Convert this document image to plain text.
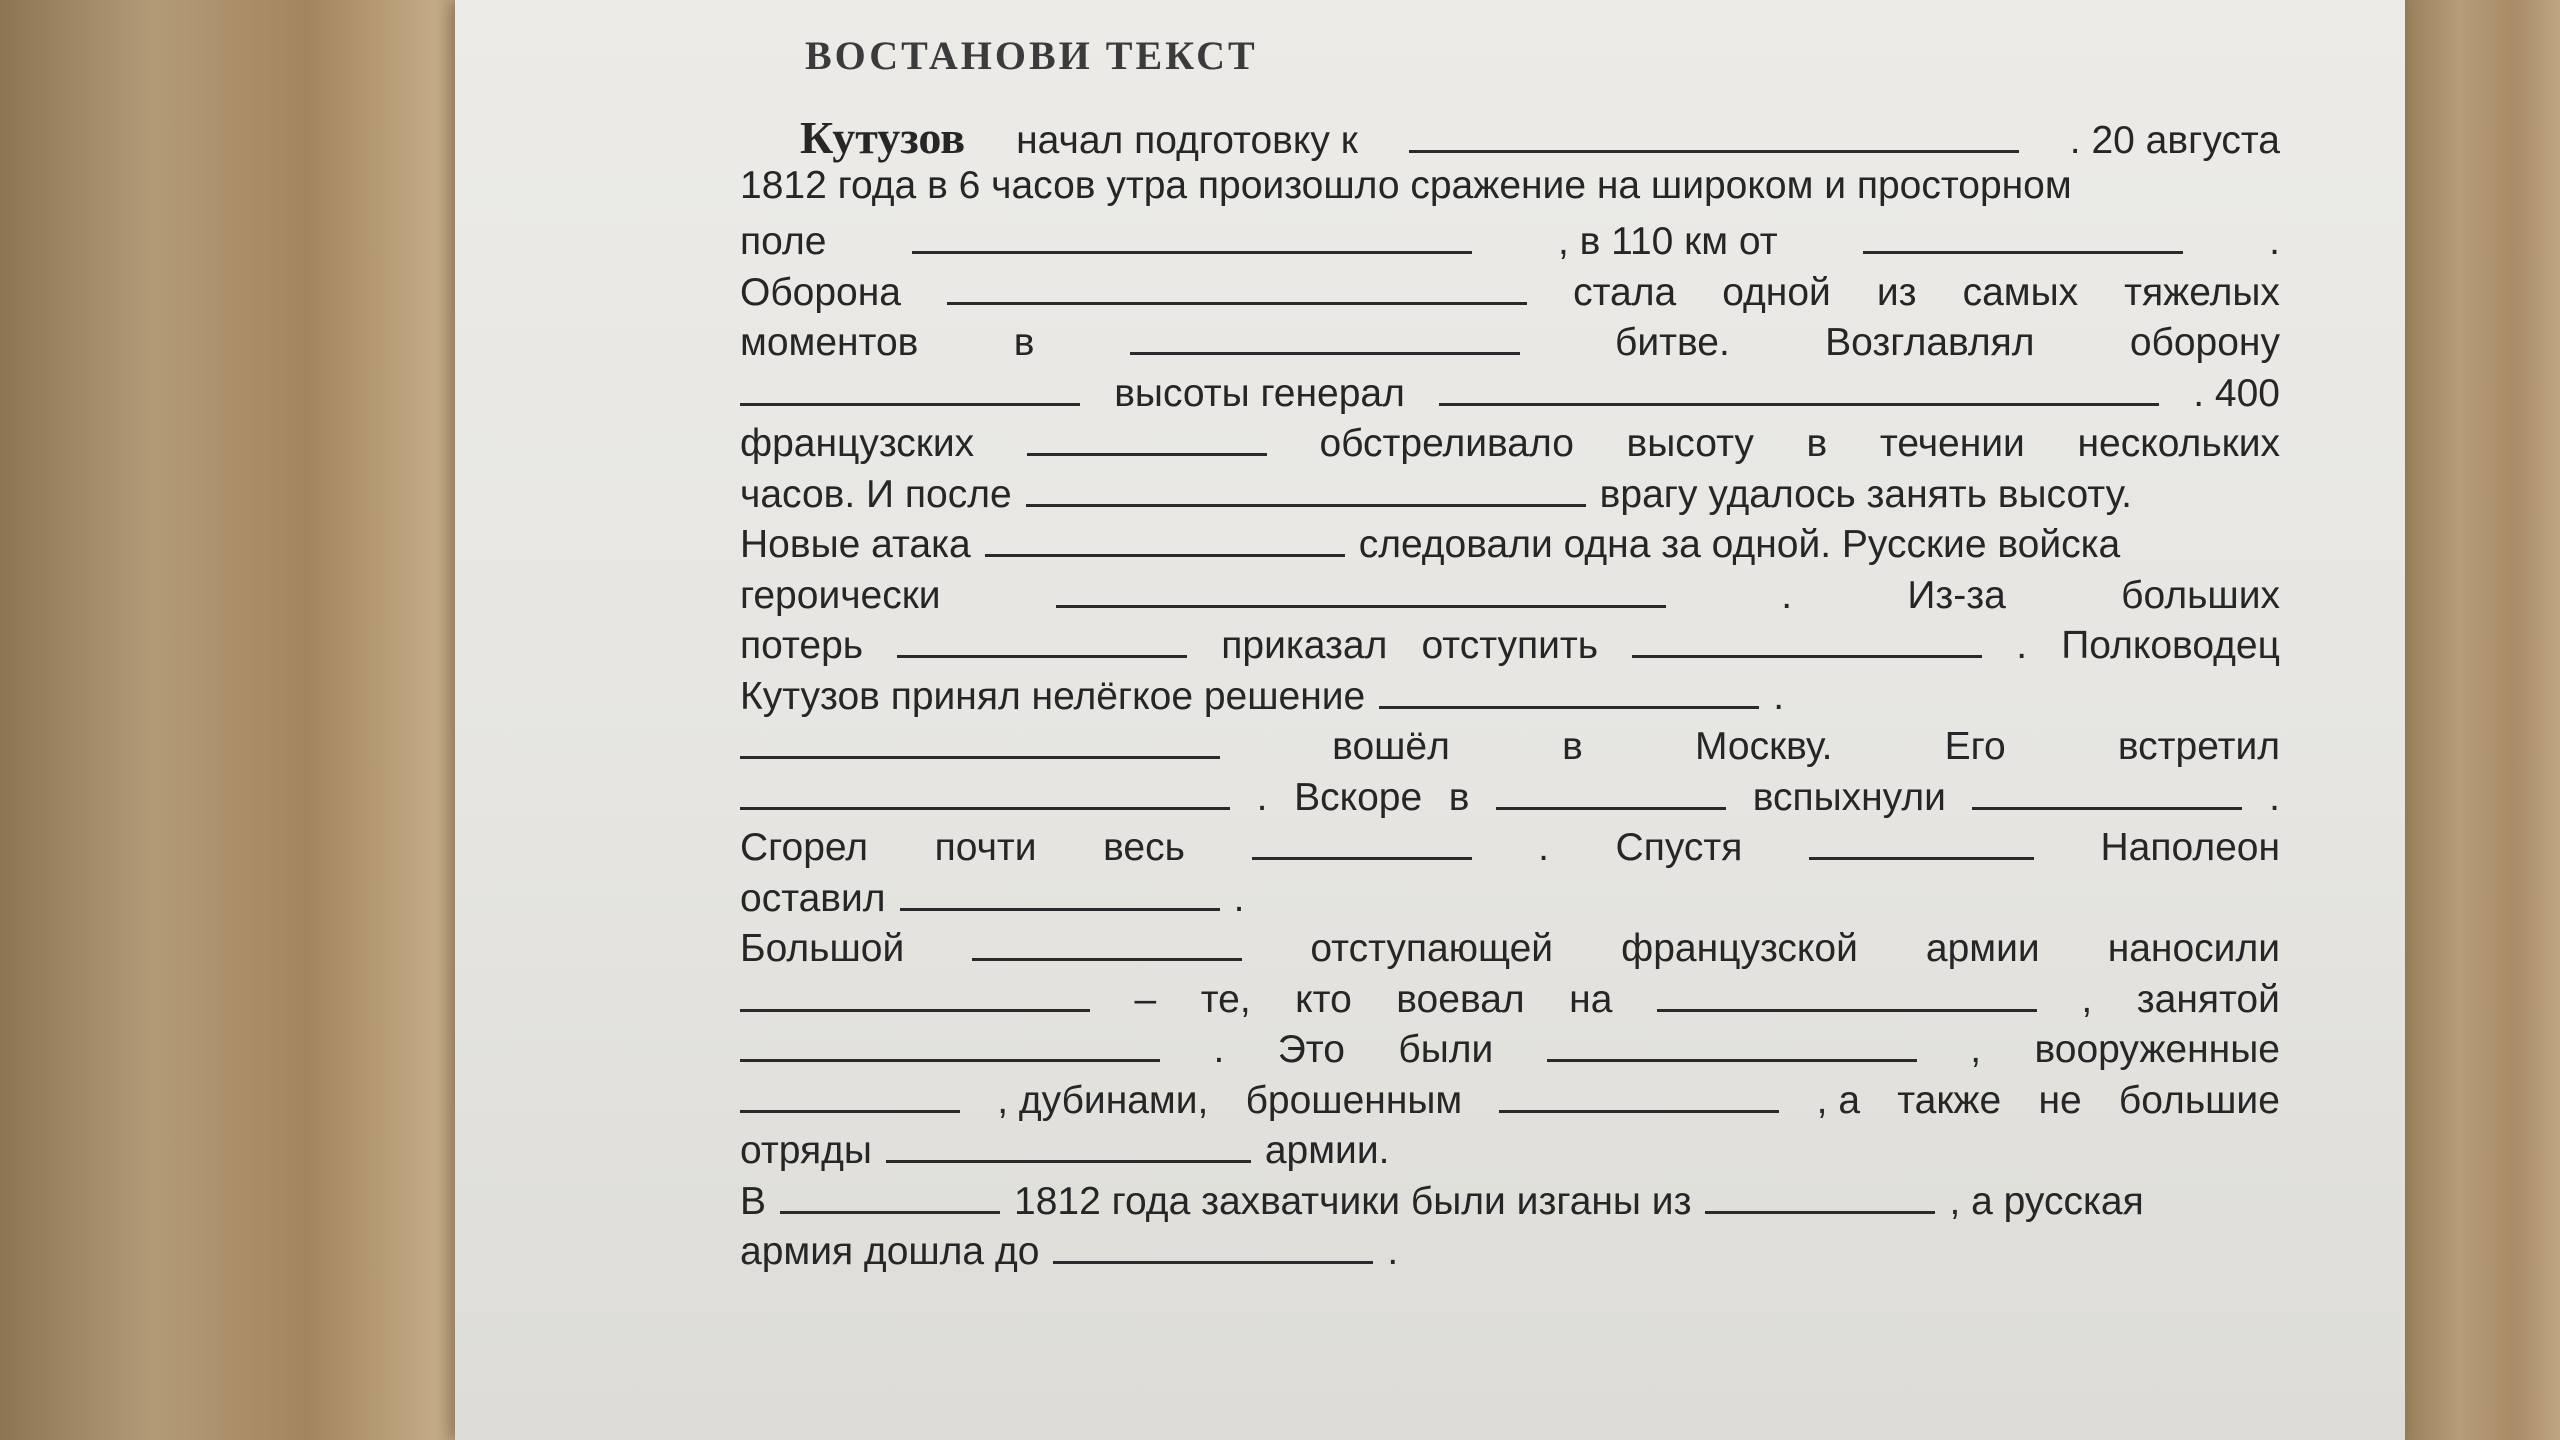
ВОСТАНОВИ ТЕКСТ
Кутузов начал подготовку к	. 20 августа
1812 года в 6 часов утра произошло сражение на широком и просторном
поле	, в 110 км от	.
Оборона	стала одной из самых тяжелых
моментов в	битве. Возглавлял оборону
высоты генерал	. 400
французских	обстреливало высоту в течении нескольких
часов. И после	врагу удалось занять высоту.
Новые атака	следовали одна за одной. Русские войска
героически	.	Из-за	больших
потерь	приказал отступить	. Полководец
Кутузов принял нелёгкое решение	.
вошёл	в	Москву.	Его	встретил
. Вскоре в	вспыхнули	.
Сгорел почти весь	. Спустя	Наполеон
оставил	.
Большой	отступающей французской армии наносили
– те, кто воевал на	, занятой
. Это были	, вооруженные
, дубинами, брошенным	, а также не большие
отряды	армии.
В	1812 года захватчики были изганы из	, а русская
армия дошла до	.
